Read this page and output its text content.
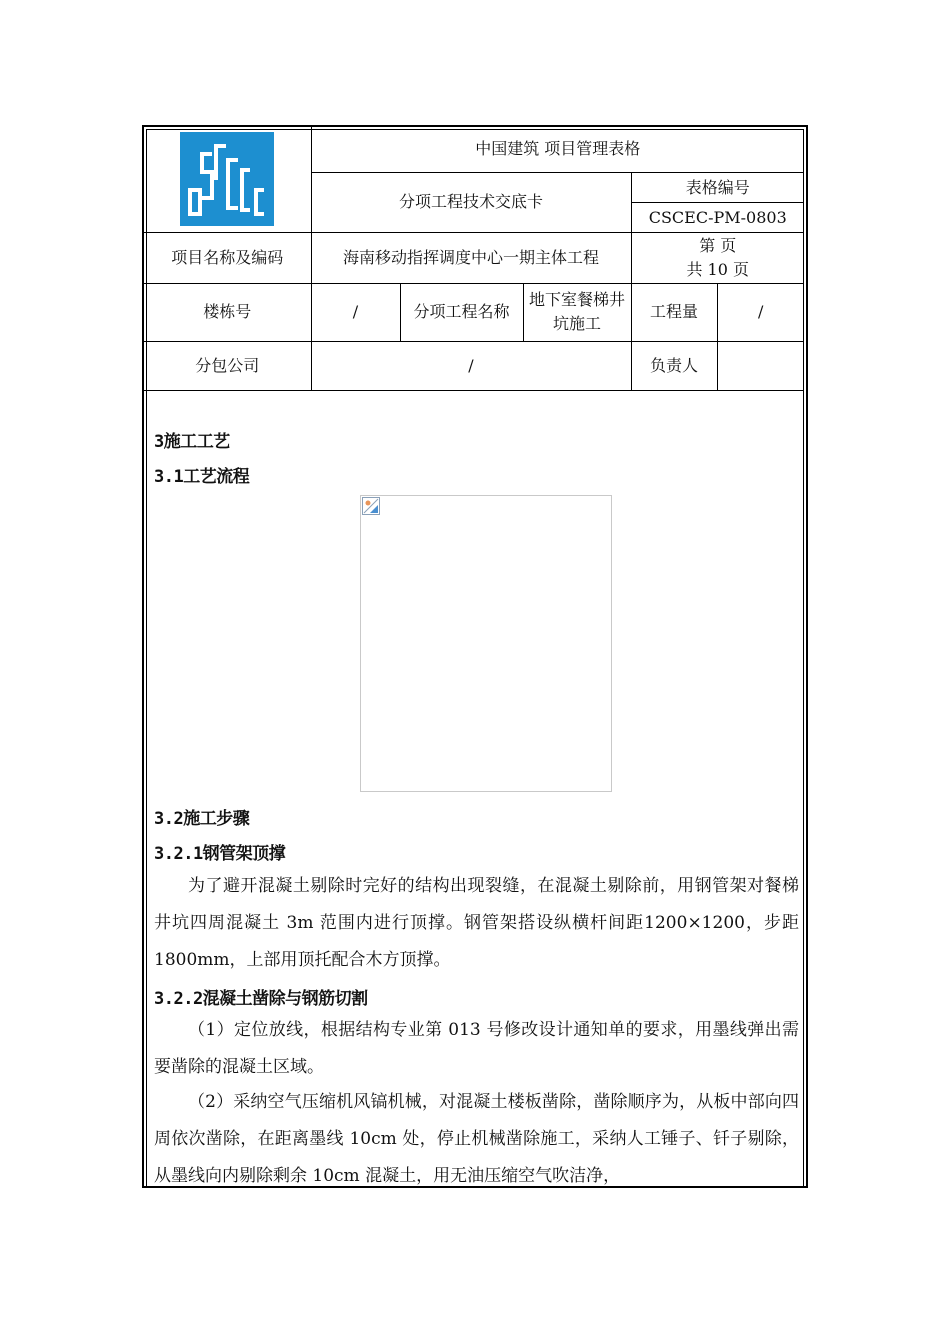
	中国建筑 项目管理表格				
	分项工程技术交底卡			表格编号
CSCEC-PM-0803	

项目名称及编码	海南移动指挥调度中心一期主体工程			第 页
共 10 页	

楼栋号	/	分项工程名称	地下室餐梯井坑施工	工程量	/
分包公司	/			负责人	
3施工工艺
3.1工艺流程
3.2施工步骤
3.2.1钢管架顶撑
为了避开混凝土剔除时完好的结构出现裂缝，在混凝土剔除前，用钢管架对餐梯井坑四周混凝土 3m 范围内进行顶撑。钢管架搭设纵横杆间距1200×1200，步距 1800mm，上部用顶托配合木方顶撑。
3.2.2混凝土凿除与钢筋切割
（1）定位放线，根据结构专业第 013 号修改设计通知单的要求，用墨线弹出需要凿除的混凝土区域。
（2）采纳空气压缩机风镐机械，对混凝土楼板凿除，凿除顺序为，从板中部向四周依次凿除，在距离墨线 10cm 处，停止机械凿除施工，采纳人工锤子、钎子剔除，从墨线向内剔除剩余 10cm 混凝土，用无油压缩空气吹洁净，
